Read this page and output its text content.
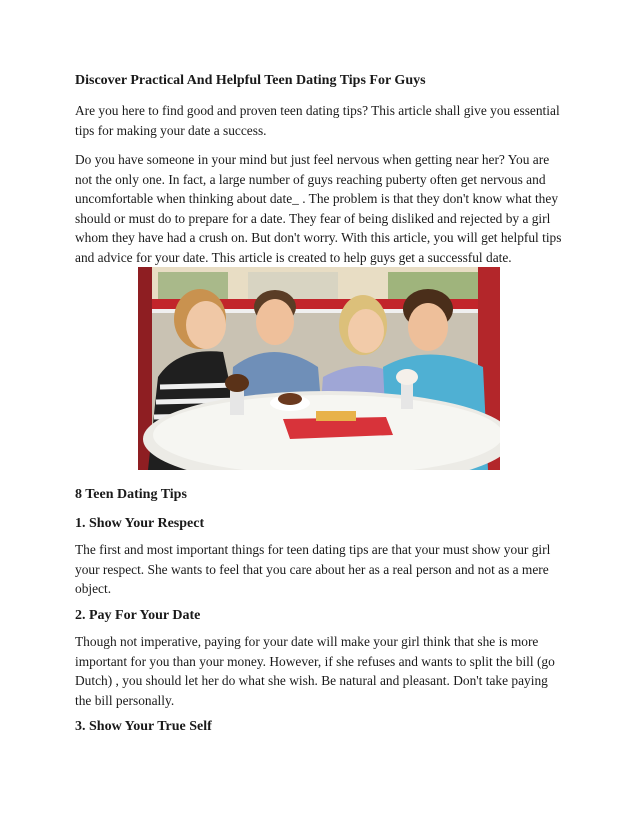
Discover Practical And Helpful Teen Dating Tips For Guys

Are you here to find good and proven teen dating tips? This article shall give you essential tips for making your date a success.

Do you have someone in your mind but just feel nervous when getting near her? You are not the only one. In fact, a large number of guys reaching puberty often get nervous and uncomfortable when thinking about date_ . The problem is that they don't know what they should or must do to prepare for a date. They fear of being disliked and rejected by a girl whom they have had a crush on. But don't worry. With this article, you will get helpful tips and advice for your date. This article is created to help guys get a successful date.

8 Teen Dating Tips

1. Show Your Respect

The first and most important things for teen dating tips are that your must show your girl your respect. She wants to feel that you care about her as a real person and not as a mere object.

2. Pay For Your Date

Though not imperative, paying for your date will make your girl think that she is more important for you than your money. However, if she refuses and wants to split the bill (go Dutch) , you should let her do what she wish. Be natural and pleasant. Don't take paying the bill personally.

3. Show Your True Self
